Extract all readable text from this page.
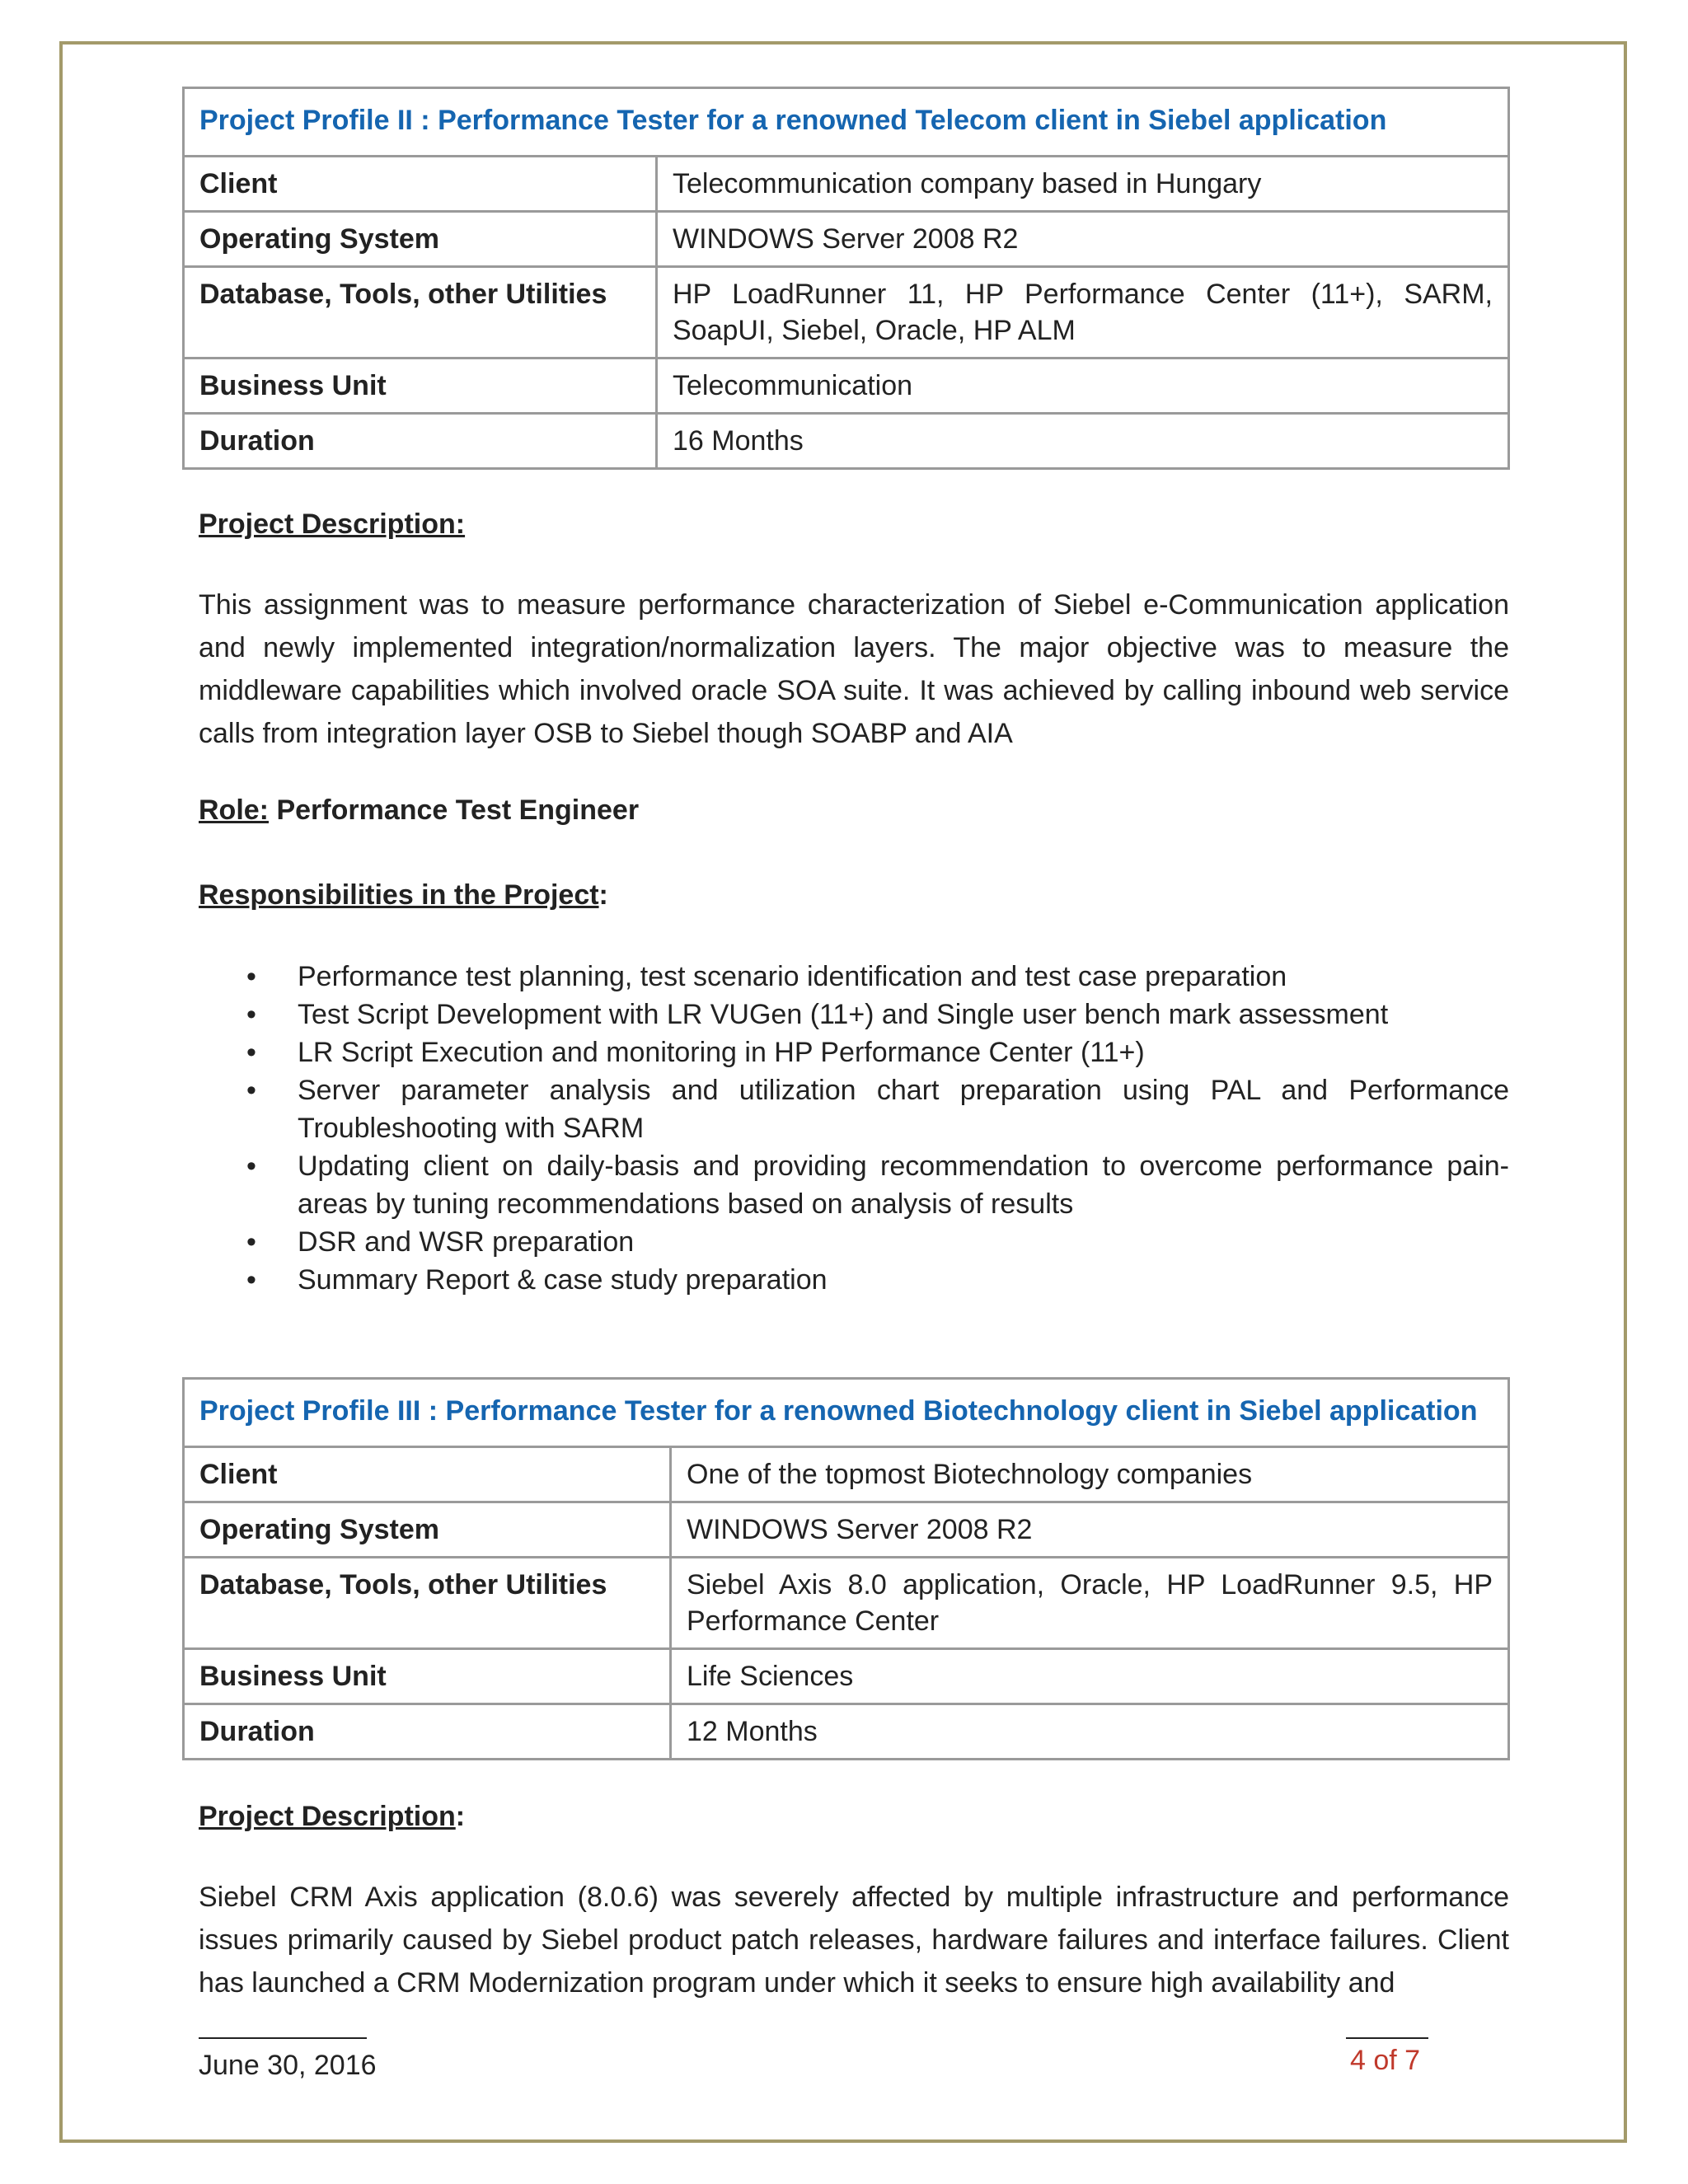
Project Profile II : Performance Tester for a renowned Telecom client in Siebel application	
Client	Telecommunication company based in Hungary
Operating System	WINDOWS Server 2008 R2
Database, Tools, other Utilities	HP LoadRunner 11, HP Performance Center (11+), SARM, SoapUI, Siebel, Oracle, HP ALM
Business Unit	Telecommunication
Duration	16 Months

Project Description:

This assignment was to measure performance characterization of Siebel e-Communication application and newly implemented integration/normalization layers. The major objective was to measure the middleware capabilities which involved oracle SOA suite. It was achieved by calling inbound web service calls from integration layer OSB to Siebel though SOABP and AIA

Role: Performance Test Engineer

Responsibilities in the Project:

• Performance test planning, test scenario identification and test case preparation
• Test Script Development with LR VUGen (11+) and Single user bench mark assessment
• LR Script Execution and monitoring in HP Performance Center (11+)
• Server parameter analysis and utilization chart preparation using PAL and Performance Troubleshooting with SARM
• Updating client on daily-basis and providing recommendation to overcome performance pain-areas by tuning recommendations based on analysis of results
• DSR and WSR preparation
• Summary Report & case study preparation
Project Profile III : Performance Tester for a renowned Biotechnology client in Siebel application	
Client	One of the topmost Biotechnology companies
Operating System	WINDOWS Server 2008 R2
Database, Tools, other Utilities	Siebel Axis 8.0 application, Oracle, HP LoadRunner 9.5, HP Performance Center
Business Unit	Life Sciences
Duration	12 Months

Project Description:

Siebel CRM Axis application (8.0.6) was severely affected by multiple infrastructure and performance issues primarily caused by Siebel product patch releases, hardware failures and interface failures. Client has launched a CRM Modernization program under which it seeks to ensure high availability and

June 30, 2016	4 of 7
